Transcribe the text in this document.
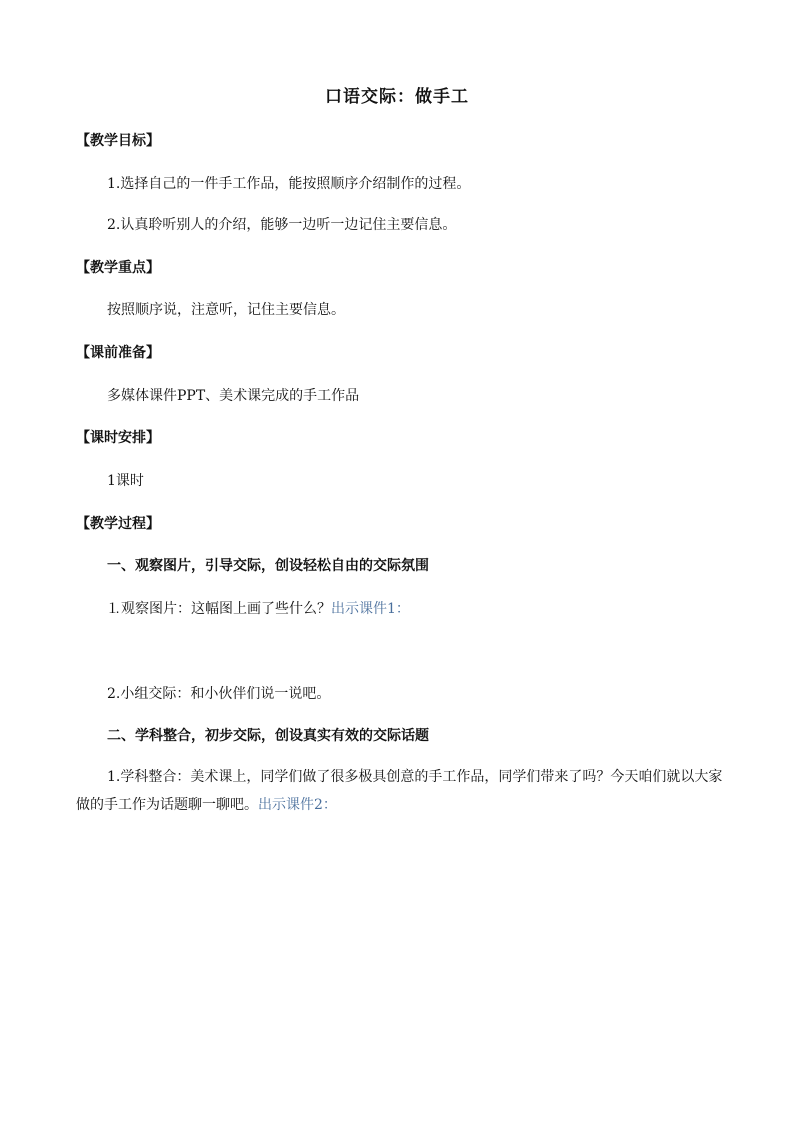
口语交际：做手工
【教学目标】
1.选择自己的一件手工作品，能按照顺序介绍制作的过程。
2.认真聆听别人的介绍，能够一边听一边记住主要信息。
【教学重点】
按照顺序说，注意听，记住主要信息。
【课前准备】
多媒体课件PPT、美术课完成的手工作品
【课时安排】
1课时
【教学过程】
一、观察图片，引导交际，创设轻松自由的交际氛围
⒈观察图片：这幅图上画了些什么？出示课件1：
2.小组交际：和小伙伴们说一说吧。
二、学科整合，初步交际，创设真实有效的交际话题
1.学科整合：美术课上，同学们做了很多极具创意的手工作品，同学们带来了吗？今天咱们就以大家做的手工作为话题聊一聊吧。出示课件2：
